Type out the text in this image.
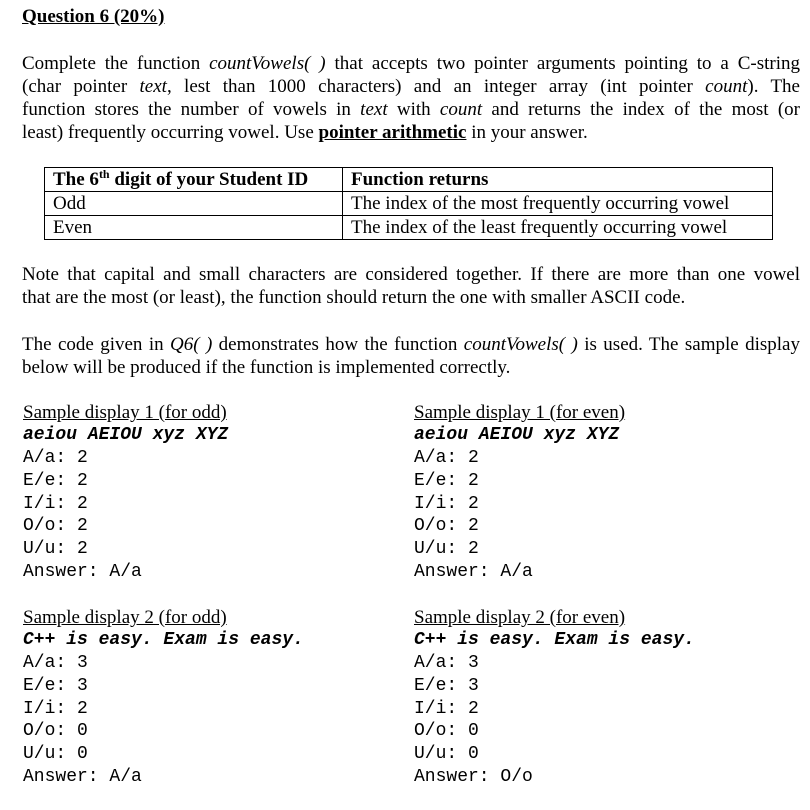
Question 6 (20%)
Complete the function countVowels( ) that accepts two pointer arguments pointing to a C-string
(char pointer text, lest than 1000 characters) and an integer array (int pointer count). The
function stores the number of vowels in text with count and returns the index of the most (or
least) frequently occurring vowel. Use pointer arithmetic in your answer.
The 6th digit of your Student ID	Function returns
Odd	The index of the most frequently occurring vowel
Even	The index of the least frequently occurring vowel
Note that capital and small characters are considered together. If there are more than one vowel
that are the most (or least), the function should return the one with smaller ASCII code.
The code given in Q6( ) demonstrates how the function countVowels( ) is used. The sample display
below will be produced if the function is implemented correctly.
Sample display 1 (for odd)
aeiou AEIOU xyz XYZ
A/a: 2
E/e: 2
I/i: 2
O/o: 2
U/u: 2
Answer: A/a
Sample display 1 (for even)
aeiou AEIOU xyz XYZ
A/a: 2
E/e: 2
I/i: 2
O/o: 2
U/u: 2
Answer: A/a
Sample display 2 (for odd)
C++ is easy. Exam is easy.
A/a: 3
E/e: 3
I/i: 2
O/o: 0
U/u: 0
Answer: A/a
Sample display 2 (for even)
C++ is easy. Exam is easy.
A/a: 3
E/e: 3
I/i: 2
O/o: 0
U/u: 0
Answer: O/o
